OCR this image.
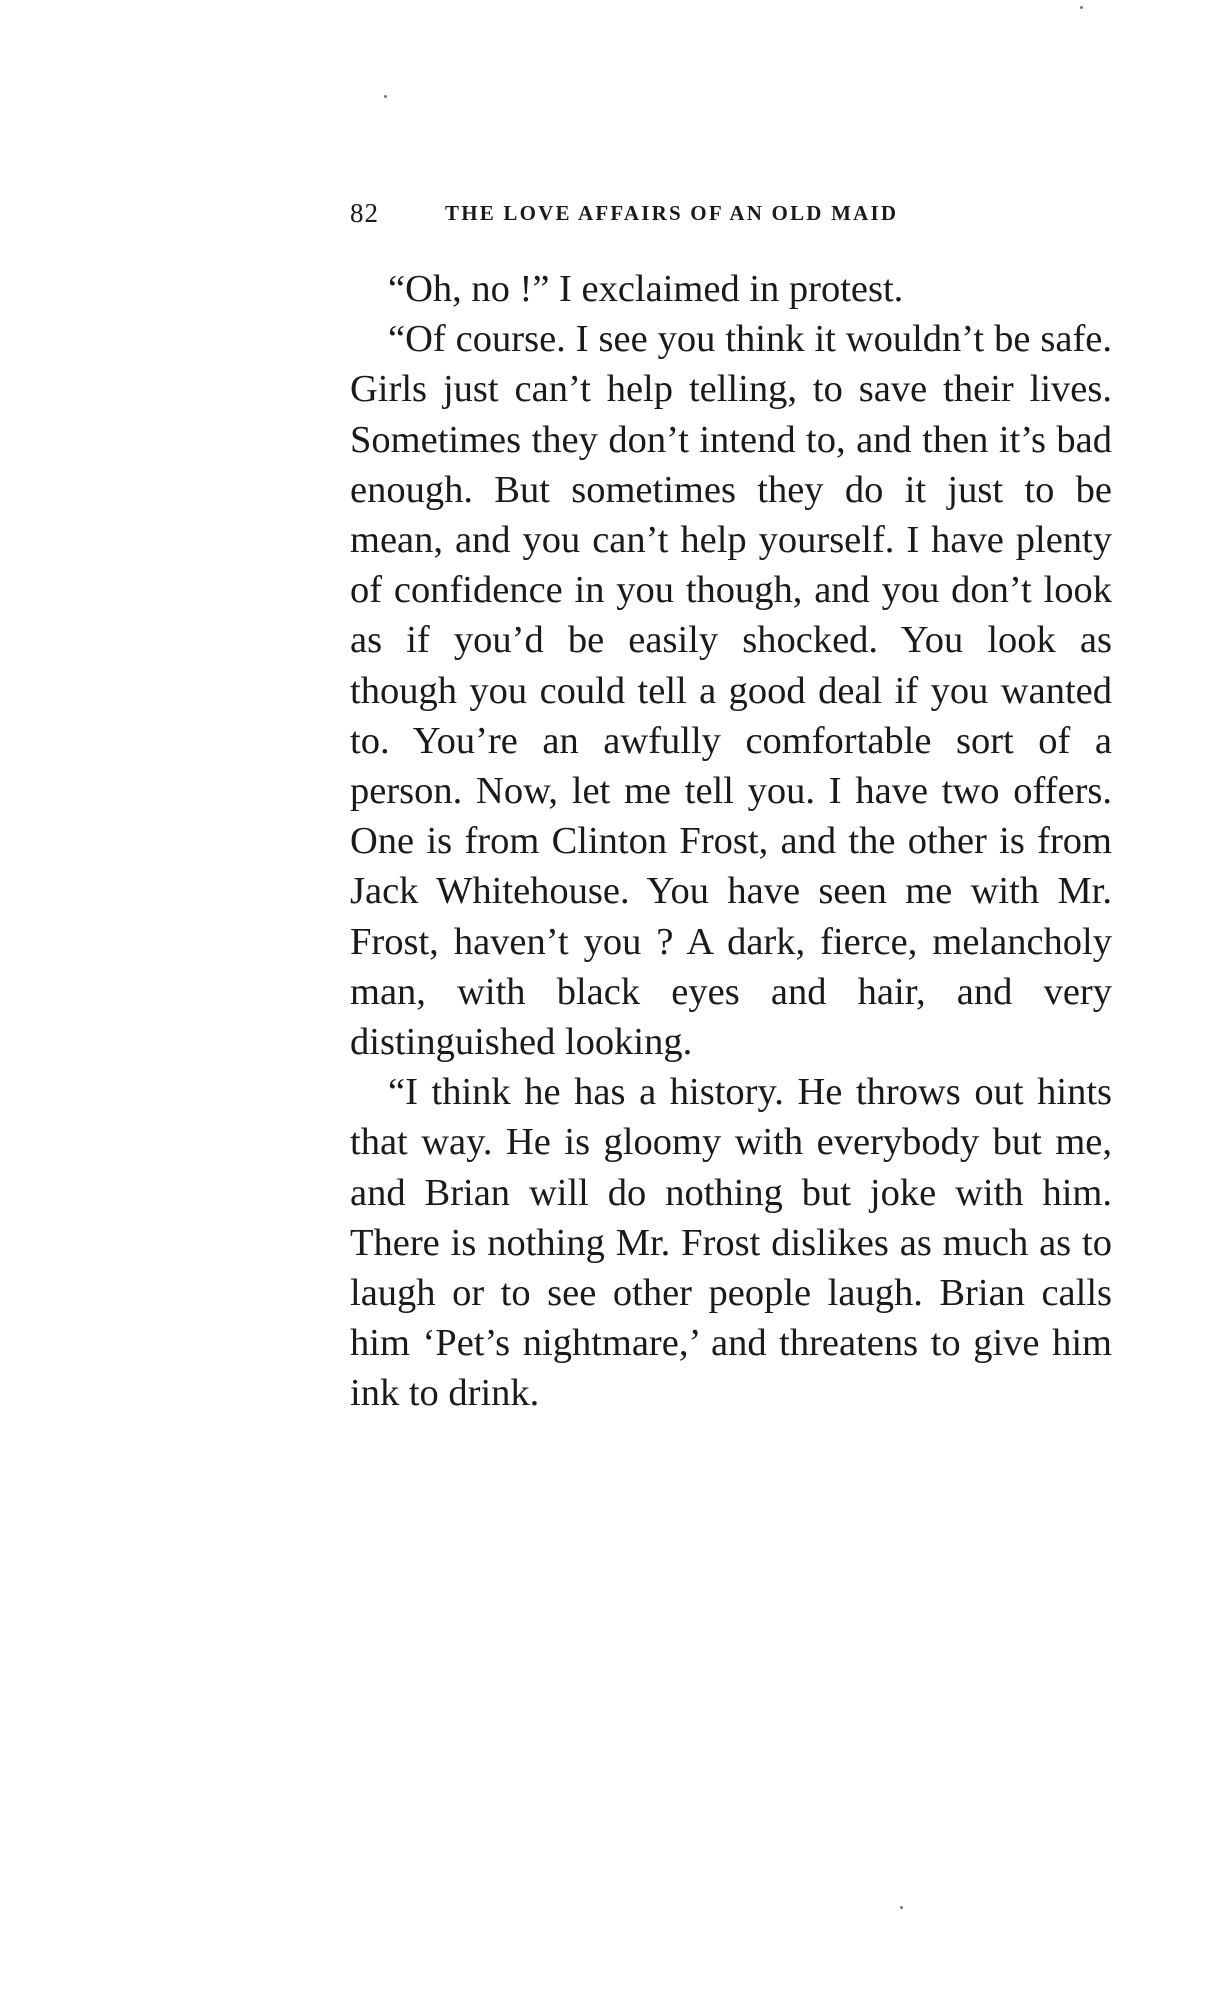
82	THE LOVE AFFAIRS OF AN OLD MAID

“Oh, no !” I exclaimed in protest.

“Of course. I see you think it wouldn’t be safe. Girls just can’t help telling, to save their lives. Sometimes they don’t intend to, and then it’s bad enough. But sometimes they do it just to be mean, and you can’t help yourself. I have plenty of confidence in you though, and you don’t look as if you’d be easily shocked. You look as though you could tell a good deal if you wanted to. You’re an awfully comfortable sort of a person. Now, let me tell you. I have two offers. One is from Clinton Frost, and the other is from Jack Whitehouse. You have seen me with Mr. Frost, haven’t you ? A dark, fierce, melancholy man, with black eyes and hair, and very distinguished looking.

“I think he has a history. He throws out hints that way. He is gloomy with everybody but me, and Brian will do nothing but joke with him. There is nothing Mr. Frost dislikes as much as to laugh or to see other people laugh. Brian calls him ‘Pet’s nightmare,’ and threatens to give him ink to drink.
